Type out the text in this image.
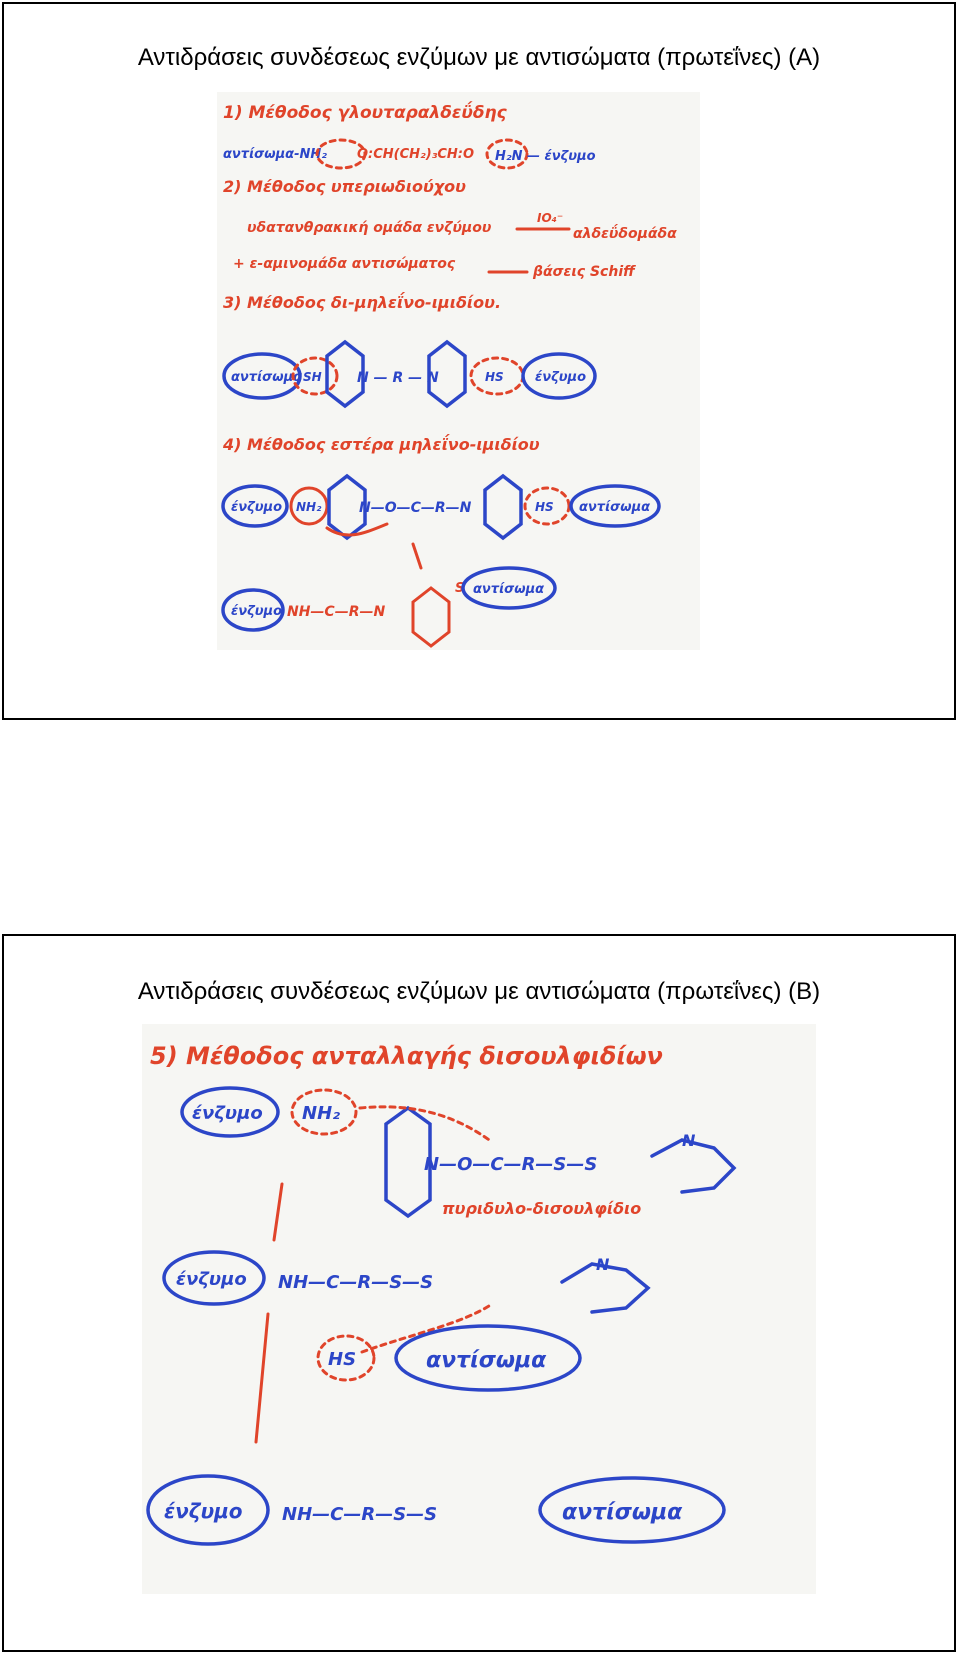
Αντιδράσεις συνδέσεως ενζύμων με αντισώματα (πρωτεΐνες) (A)
1) Μέθοδος γλουταραλδεΰδης
αντίσωμα-NH₂ O:CH(CH₂)₃CH:O H₂N — ένζυμο
2) Μέθοδος υπεριωδιούχου
υδατανθρακική ομάδα ενζύμου
IO₄⁻
αλδεΰδομάδα
+ ε-αμινομάδα αντισώματος	βάσεις Schiff
3) Μέθοδος δι-μηλεΐνο-ιμιδίου.
αντίσωμα SH	N — R — N	HS ένζυμο
4) Μέθοδος εστέρα μηλεΐνο-ιμιδίου
ένζυμο NH₂	N—O—C—R—N	HS αντίσωμα
ένζυμο NH—C—R—N
S αντίσωμα
Αντιδράσεις συνδέσεως ενζύμων με αντισώματα (πρωτεΐνες) (B)
5) Μέθοδος ανταλλαγής δισουλφιδίων
ένζυμο NH₂
N—O—C—R—S—S
N
πυριδυλο-δισουλφίδιο
ένζυμο NH—C—R—S—S
N
HS	αντίσωμα
ένζυμο NH—C—R—S—S	αντίσωμα
